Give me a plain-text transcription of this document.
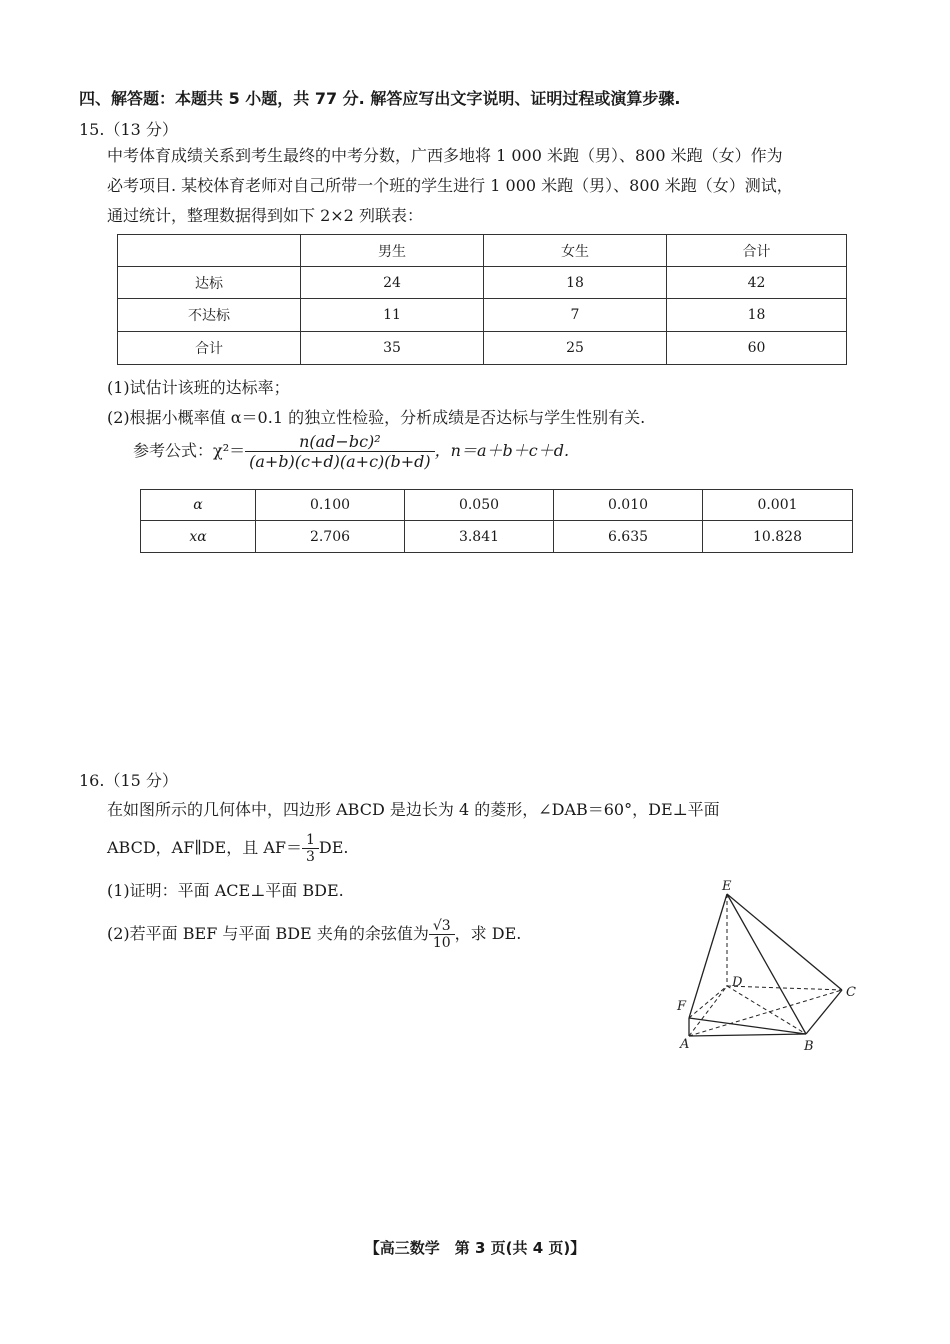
四、解答题：本题共 5 小题，共 77 分. 解答应写出文字说明、证明过程或演算步骤.
15.（13 分）
中考体育成绩关系到考生最终的中考分数，广西多地将 1 000 米跑（男）、800 米跑（女）作为
必考项目. 某校体育老师对自己所带一个班的学生进行 1 000 米跑（男）、800 米跑（女）测试，
通过统计，整理数据得到如下 2×2 列联表：
	男生	女生	合计
达标	24	18	42
不达标	11	7	18
合计	35	25	60
(1)试估计该班的达标率；
(2)根据小概率值 α＝0.1 的独立性检验，分析成绩是否达标与学生性别有关.
参考公式：$\chi^2= \frac{\text{n(ad−bc)²}}{(a+b)(c+d)(a+c)(b+d)}$ ，n＝a＋b＋c＋d.
α	0.100	0.050	0.010	0.001
xα	2.706	3.841	6.635	10.828
16.（15 分）
在如图所示的几何体中，四边形 ABCD 是边长为 4 的菱形，∠DAB＝60°，DE⊥平面
ABCD，AF∥DE，且 $AF= \frac{1}{3}$ DE.
(1)证明：平面 ACE⊥平面 BDE.
(2)若平面 BEF 与平面 BDE 夹角的余弦值为 $\frac{√3}{10}$ ，求 DE.
E
D
C
F
A	B
【高三数学　第 3 页(共 4 页)】
